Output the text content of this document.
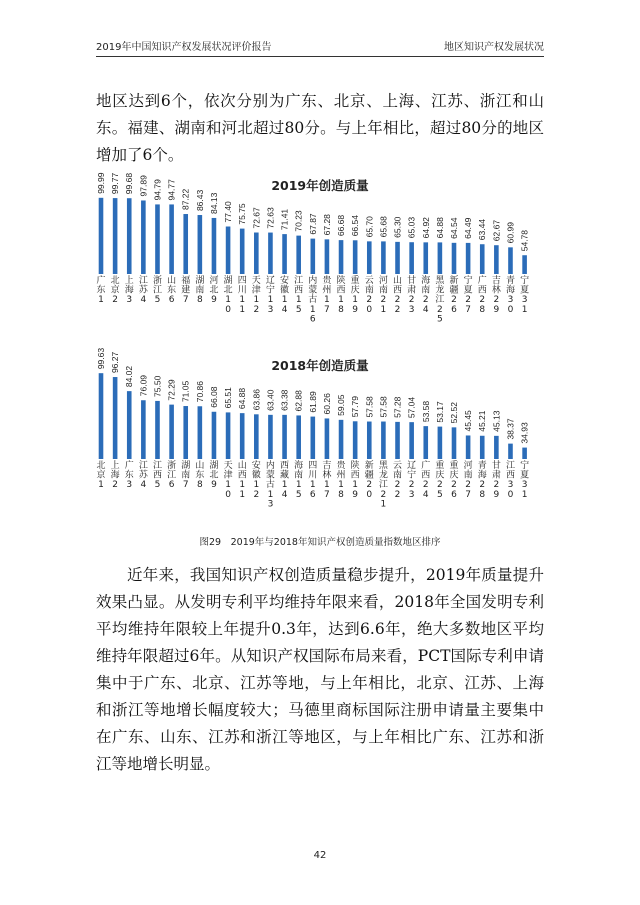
2019年中国知识产权发展状况评价报告	地区知识产权发展状况
地区达到6个，依次分别为广东、北京、上海、江苏、浙江和山东。福建、湖南和河北超过80分。与上年相比，超过80分的地区增加了6个。
2019年创造质量
99.99
广东 1
99.77
北京 2
99.68
上海 3
97.89
江苏 4
94.79
浙江 5
94.77
山东 6
87.22
福建 7
86.43
湖南 8
84.13
河北 9
77.40
湖北 1 0
75.75
四川 1 1
72.67
天津 1 2
72.63
辽宁 1 3
71.41
安徽 1 4
70.23
江西 1 5
67.87
内蒙古 1 6
67.28
贵州 1 7
66.68
陕西 1 8
66.54
重庆 1 9
65.70
云南 2 0
65.68
河南 2 1
65.30
山西 2 2
65.03
甘肃 2 3
64.92
海南 2 4
64.88
黑龙江 2 5
64.54
新疆 2 6
64.49
宁夏 2 7
63.44
广西 2 8
62.67
吉林 2 9
60.99
青海 3 0
54.78
宁夏 3 1
2018年创造质量
99.63
北京 1
96.27
上海 2
84.02
广东 3
76.09
江苏 4
75.50
江西 5
72.29
浙江 6
71.05
湖南 7
70.86
山东 8
66.08
湖北 9
65.51
天津 1 0
64.88
山西 1 1
63.86
安徽 1 2
63.40
内蒙古 1 3
63.38
西藏 1 4
62.88
海南 1 5
61.89
四川 1 6
60.26
吉林 1 7
59.05
贵州 1 8
57.79
陕西 1 9
57.58
新疆 2 0
57.58
黑龙江 2 1
57.28
云南 2 2
57.04
辽宁 2 3
53.58
广西 2 4
53.17
重庆 2 5
52.52
重庆 2 6
45.45
河南 2 7
45.21
青海 2 8
45.13
甘肃 2 9
38.37
江西 3 0
34.93
宁夏 3 1
图29　2019年与2018年知识产权创造质量指数地区排序
近年来，我国知识产权创造质量稳步提升，2019年质量提升效果凸显。从发明专利平均维持年限来看，2018年全国发明专利平均维持年限较上年提升0.3年，达到6.6年，绝大多数地区平均维持年限超过6年。从知识产权国际布局来看，PCT国际专利申请集中于广东、北京、江苏等地，与上年相比，北京、江苏、上海和浙江等地增长幅度较大；马德里商标国际注册申请量主要集中在广东、山东、江苏和浙江等地区，与上年相比广东、江苏和浙江等地增长明显。
42
